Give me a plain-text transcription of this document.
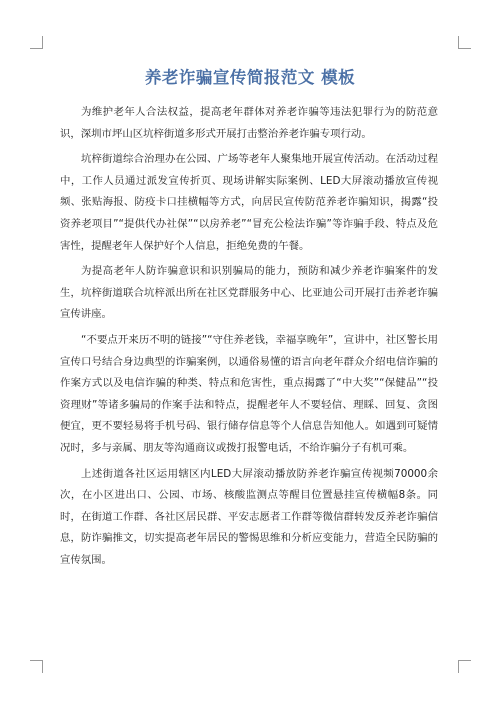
养老诈骗宣传简报范文 模板

为维护老年人合法权益，提高老年群体对养老诈骗等违法犯罪行为的防范意识，深圳市坪山区坑梓街道多形式开展打击整治养老诈骗专项行动。

坑梓街道综合治理办在公园、广场等老年人聚集地开展宣传活动。在活动过程中，工作人员通过派发宣传折页、现场讲解实际案例、LED大屏滚动播放宣传视频、张贴海报、防疫卡口挂横幅等方式，向居民宣传防范养老诈骗知识，揭露“投资养老项目”“提供代办社保”“以房养老”“冒充公检法诈骗”等诈骗手段、特点及危害性，提醒老年人保护好个人信息，拒绝免费的午餐。

为提高老年人防诈骗意识和识别骗局的能力，预防和减少养老诈骗案件的发生，坑梓街道联合坑梓派出所在社区党群服务中心、比亚迪公司开展打击养老诈骗宣传讲座。

“不要点开来历不明的链接”“守住养老钱，幸福享晚年”，宣讲中，社区警长用宣传口号结合身边典型的诈骗案例，以通俗易懂的语言向老年群众介绍电信诈骗的作案方式以及电信诈骗的种类、特点和危害性，重点揭露了“中大奖”“保健品”“投资理财”等诸多骗局的作案手法和特点，提醒老年人不要轻信、理睬、回复、贪图便宜，更不要轻易将手机号码、银行储存信息等个人信息告知他人。如遇到可疑情况时，多与亲属、朋友等沟通商议或拨打报警电话，不给诈骗分子有机可乘。

上述街道各社区运用辖区内LED大屏滚动播放防养老诈骗宣传视频70000余次，在小区进出口、公园、市场、核酸监测点等醒目位置悬挂宣传横幅8条。同时，在街道工作群、各社区居民群、平安志愿者工作群等微信群转发反养老诈骗信息，防诈骗推文，切实提高老年居民的警惕思维和分析应变能力，营造全民防骗的宣传氛围。
